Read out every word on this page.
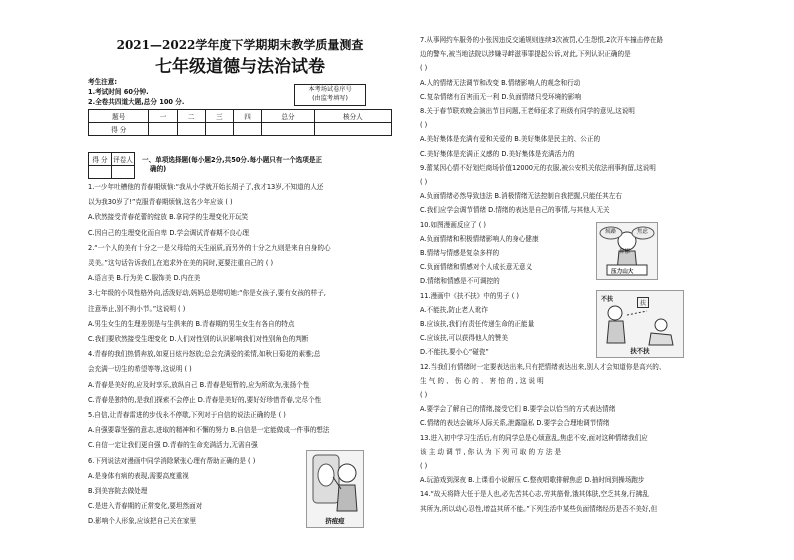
2021—2022学年度下学期期末教学质量测查
七年级道德与法治试卷
考生注意:
1.考试时间 60分钟.
2.全卷共四道大题,总分 100 分.
本考场试卷序号
(由监考填写)
题号	一	二	三	四	总分	核分人
得 分						
得 分	评卷人
	一、单项选择题(每小题2分,共50分.每小题只有一个选项是正
确的)
1.一少年吐槽他的青春期烦恼:“我从小学就开始长胡子了,我才13岁,不知道的人还
以为我30岁了!”克服青春期烦恼,这名少年应该 ( )
A.欣然接受青春花蕾的绽放 B.拿同学的生理变化开玩笑
C.因自己的生理变化而自卑 D.学会调试青春期不良心理
2.“一个人的美有十分之一是父母给的天生丽质,而另外的十分之九则是来自自身的心
灵美。”这句话告诉我们,在追求外在美的同时,更要注重自己的 ( )
A.语言美 B.行为美 C.服饰美 D.内在美
3.七年级的小凤性格外向,活泼好动,妈妈总是唠叨她:“你是女孩子,要有女孩的样子,
注意举止,别不拘小节。”这说明 ( )
A.男生女生的生理差别是与生俱来的 B.青春期的男生女生有各自的特点
C.我们要欣然接受生理变化 D.人们对性别的认识影响我们对性别角色的判断
4.青春的我们热情奔放,如夏日炫丹怒放;总会充满爱的柔情,如秋日菊花的素雅;总
会充满一切生的希望等等,这说明 ( )
A.青春是美好的,应及时享乐,放纵自己 B.青春是短暂的,应为所欲为,张扬个性
C.青春是独特的,是我们探索不会停止 D.青春是美好的,要好好珍惜青春,完尽个性
5.自信,让青春雷进的步伐永不停歇,下列对于自信的说法正确的是 ( )
A.自强要靠坚强的意志,进取的精神和不懈的努力 B.自信是一定能做成一件事的想法
C.自信一定让我们更自强 D.青春的生命充满活力,无需自强
6.下列说法对漫画中同学消除紧张心理有帮助正确的是 ( )
A.是身体有病的表现,需要高度重视
B.到美容院去做处理
C.是进入青春期的正常变化,要坦然面对
D.影响个人形象,应该把自己关在家里	挤痘痘
7.从事网约车服务的小张因违反交通规则连续3次被罚,心生怨恨,2次开车撞击停在路
边的警车,被当地法院以涉嫌寻衅滋事罪提起公诉,对此,下列认识正确的是
( )
A.人的情绪无法调节和改变 B.情绪影响人的观念和行动
C.复杂情绪有百害而无一利 D.负面情绪只受环境的影响
8.关于春节联欢晚会演出节目问题,王老师征求了班级有同学的意见,这说明
( )
A.美好集体是充满有爱和关爱的 B.美好集体是民主的、公正的
C.美好集体是充满正义感的 D.美好集体是充满活力的
9.蕾某因心情不好划烂商场价值12000元的衣服,被公安机关依法刑事拘留,这说明
( )
A.负面情绪必然导致违法 B.消极情绪无法控制自我把握,只能任其左右
C.我们应学会调节情绪 D.情绪的表达是自己的事情,与其他人无关
10.如图漫画反应了 ( )
A.负面情绪和积极情绪影响人的身心健康
B.情绪与情感是复杂多样的
C.负面情绪和情感对个人成长意无意义
D.情绪和情感是不可调控的
11.漫画中《扶不扶》中的男子 ( )
A.不能扶,防止老人讹诈
B.应该扶,我们有责任传递生命的正能量
C.应该扶,可以获得他人的赞美
D.不能扶,要小心“碰瓷”
12.当我们有情绪时一定要表达出来,只有把情绪表达出来,别人才会知道你是高兴的、
生 气 的 、 伤 心 的 、 害 怕 的 , 这 说 明
( )
A.要学会了解自己的情绪,接受它们 B.要学会以恰当的方式表达情绪
C.情绪的表达会破坏人际关系,泄露隐私 D.要学会合理地调节情绪
13.进入初中学习生活后,有的同学总是心烦意乱,焦虑不安,面对这种情绪我们应
该 主 动 调 节 , 你 认 为 下 列 可 取 的 方 法 是
( )
A.玩游戏到深夜 B.上课看小说解压 C.整夜唱歌排解焦虑 D.抽时间到操场跑步
14.“故天将降大任于是人也,必先苦其心志,劳其筋骨,饿其体肤,空乏其身,行拂乱
其所为,所以动心忍性,增益其所不能。”下列生活中某些负面情绪经历是否不美好,但
烦躁	焦虑
抑郁
压力山大
不扶
扶
扶不扶
